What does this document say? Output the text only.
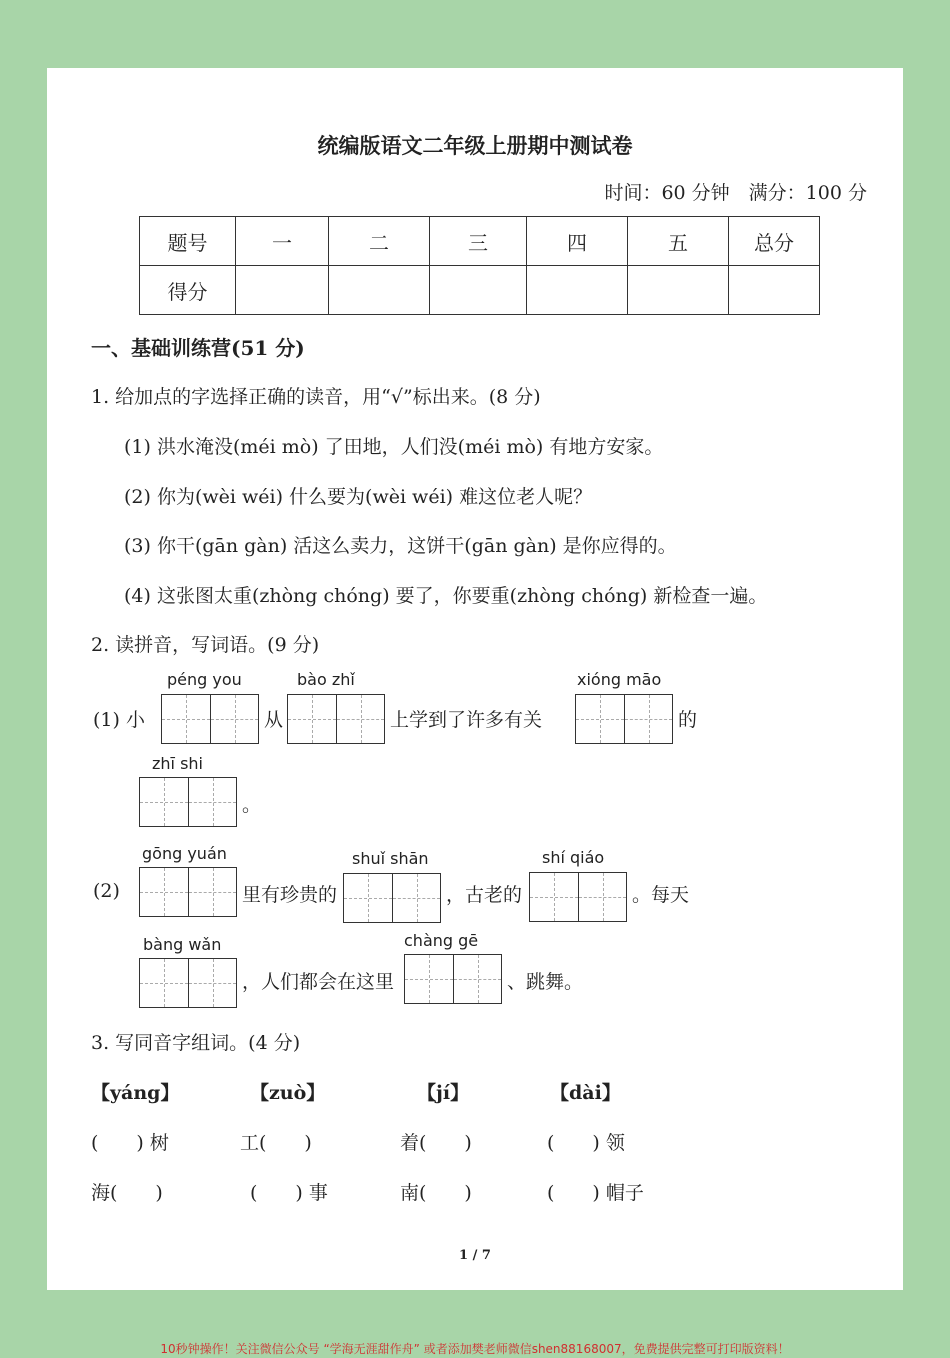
统编版语文二年级上册期中测试卷
时间：60 分钟　满分：100 分
题号	一	二	三	四	五	总分
得分						
一、基础训练营(51 分)
1. 给加点的字选择正确的读音，用“√”标出来。(8 分)
(1) 洪水淹没(méi mò) 了田地，人们没(méi mò) 有地方安家。
(2) 你为(wèi wéi) 什么要为(wèi wéi) 难这位老人呢？
(3) 你干(gān gàn) 活这么卖力，这饼干(gān gàn) 是你应得的。
(4) 这张图太重(zhòng chóng) 要了，你要重(zhòng chóng) 新检查一遍。
2. 读拼音，写词语。(9 分)
(1) 小
péng you
从
bào zhǐ
上学到了许多有关
xióng māo
的
zhī shi
。
(2)
gōng yuán
里有珍贵的
shuǐ shān
，古老的
shí qiáo
。每天
bàng wǎn
，人们都会在这里
chàng gē
、跳舞。
3. 写同音字组词。(4 分)
【yáng】	【zuò】	【jí】	【dài】
(　　) 树	工(　　)	着(　　)	(　　) 领
海(　　)	(　　) 事	南(　　)	(　　) 帽子
1 / 7
10秒钟操作！关注微信公众号 “学海无涯甜作舟” 或者添加樊老师微信shen88168007，免费提供完整可打印版资料！
